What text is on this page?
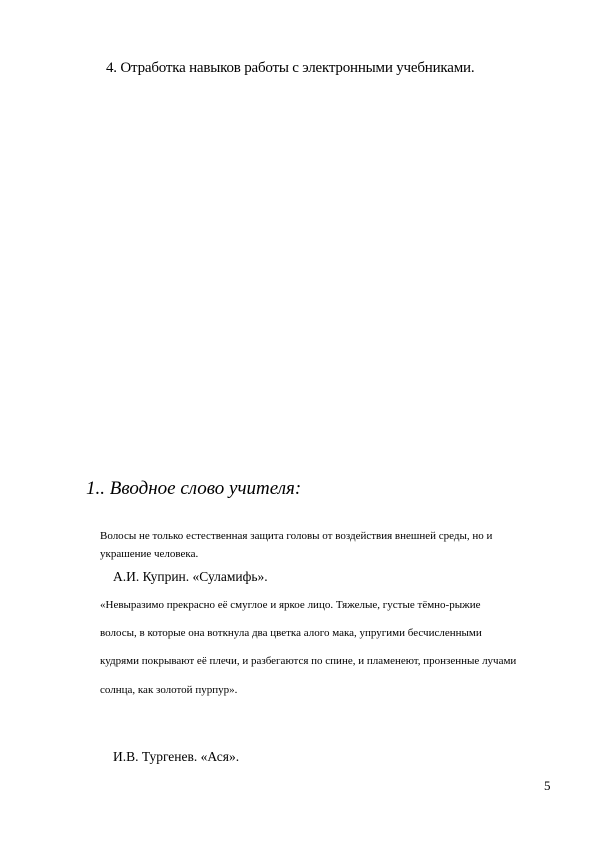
4. Отработка навыков работы с электронными учебниками.
1.. Вводное слово учителя:
Волосы не только естественная защита головы от воздействия внешней среды, но и
украшение человека.
А.И. Куприн. «Суламифь».
«Невыразимо прекрасно её смуглое и яркое лицо. Тяжелые, густые тёмно-рыжие
волосы, в которые она воткнула два цветка алого мака, упругими бесчисленными
кудрями покрывают её плечи, и разбегаются по спине, и пламенеют, пронзенные лучами
солнца, как золотой пурпур».
И.В. Тургенев. «Ася».
5
